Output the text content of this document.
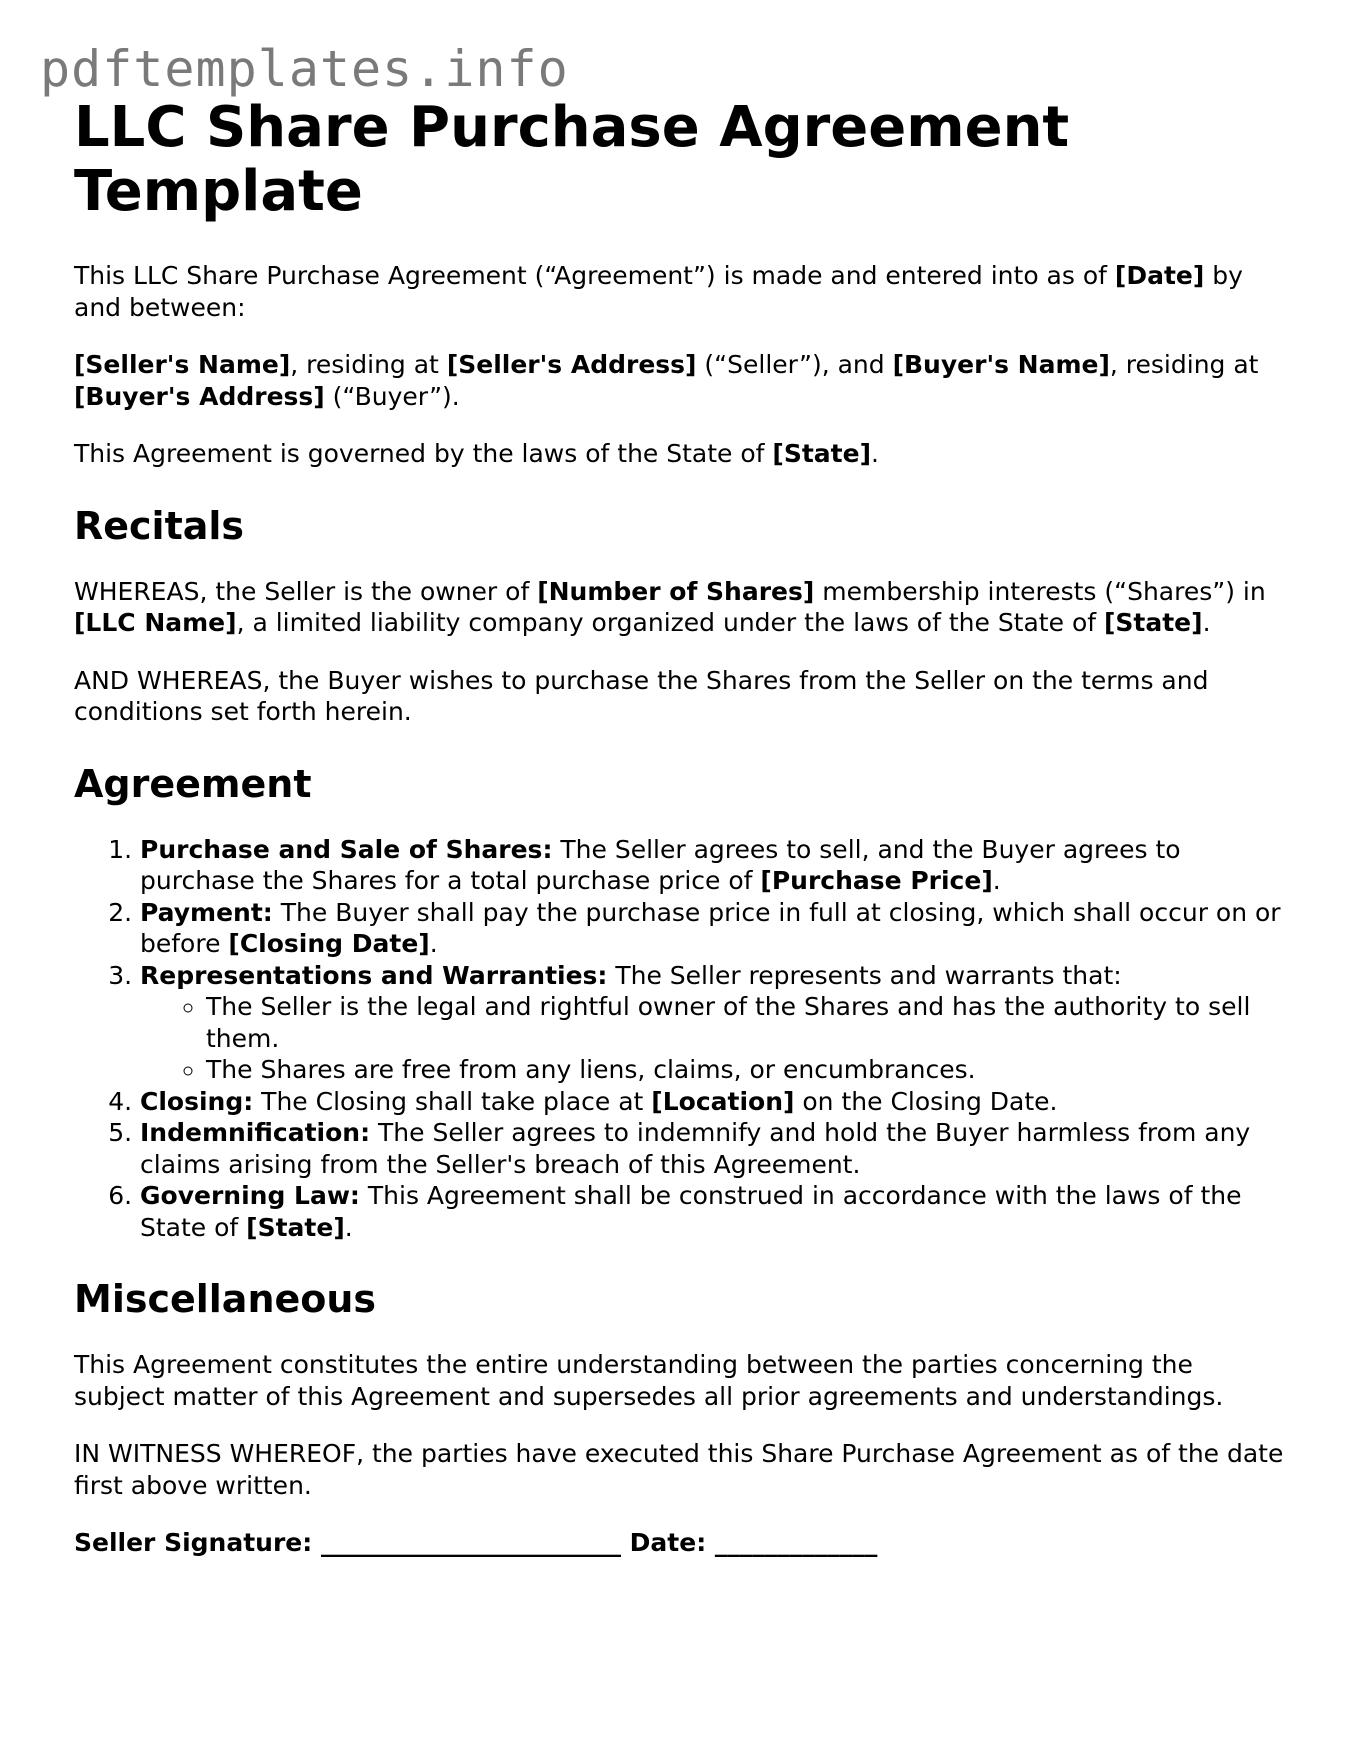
pdftemplates.info
LLC Share Purchase Agreement Template

This LLC Share Purchase Agreement (“Agreement”) is made and entered into as of [Date] by and between:

[Seller's Name], residing at [Seller's Address] (“Seller”), and [Buyer's Name], residing at [Buyer's Address] (“Buyer”).

This Agreement is governed by the laws of the State of [State].

Recitals

WHEREAS, the Seller is the owner of [Number of Shares] membership interests (“Shares”) in [LLC Name], a limited liability company organized under the laws of the State of [State].

AND WHEREAS, the Buyer wishes to purchase the Shares from the Seller on the terms and conditions set forth herein.

Agreement
1. Purchase and Sale of Shares: The Seller agrees to sell, and the Buyer agrees to purchase the Shares for a total purchase price of [Purchase Price].
2. Payment: The Buyer shall pay the purchase price in full at closing, which shall occur on or before [Closing Date].
3. Representations and Warranties: The Seller represents and warrants that:
◦ The Seller is the legal and rightful owner of the Shares and has the authority to sell them.
◦ The Shares are free from any liens, claims, or encumbrances.
4. Closing: The Closing shall take place at [Location] on the Closing Date.
5. Indemnification: The Seller agrees to indemnify and hold the Buyer harmless from any claims arising from the Seller's breach of this Agreement.
6. Governing Law: This Agreement shall be construed in accordance with the laws of the State of [State].
Miscellaneous

This Agreement constitutes the entire understanding between the parties concerning the subject matter of this Agreement and supersedes all prior agreements and understandings.

IN WITNESS WHEREOF, the parties have executed this Share Purchase Agreement as of the date first above written.

Seller Signature: ________________________ Date: _____________
